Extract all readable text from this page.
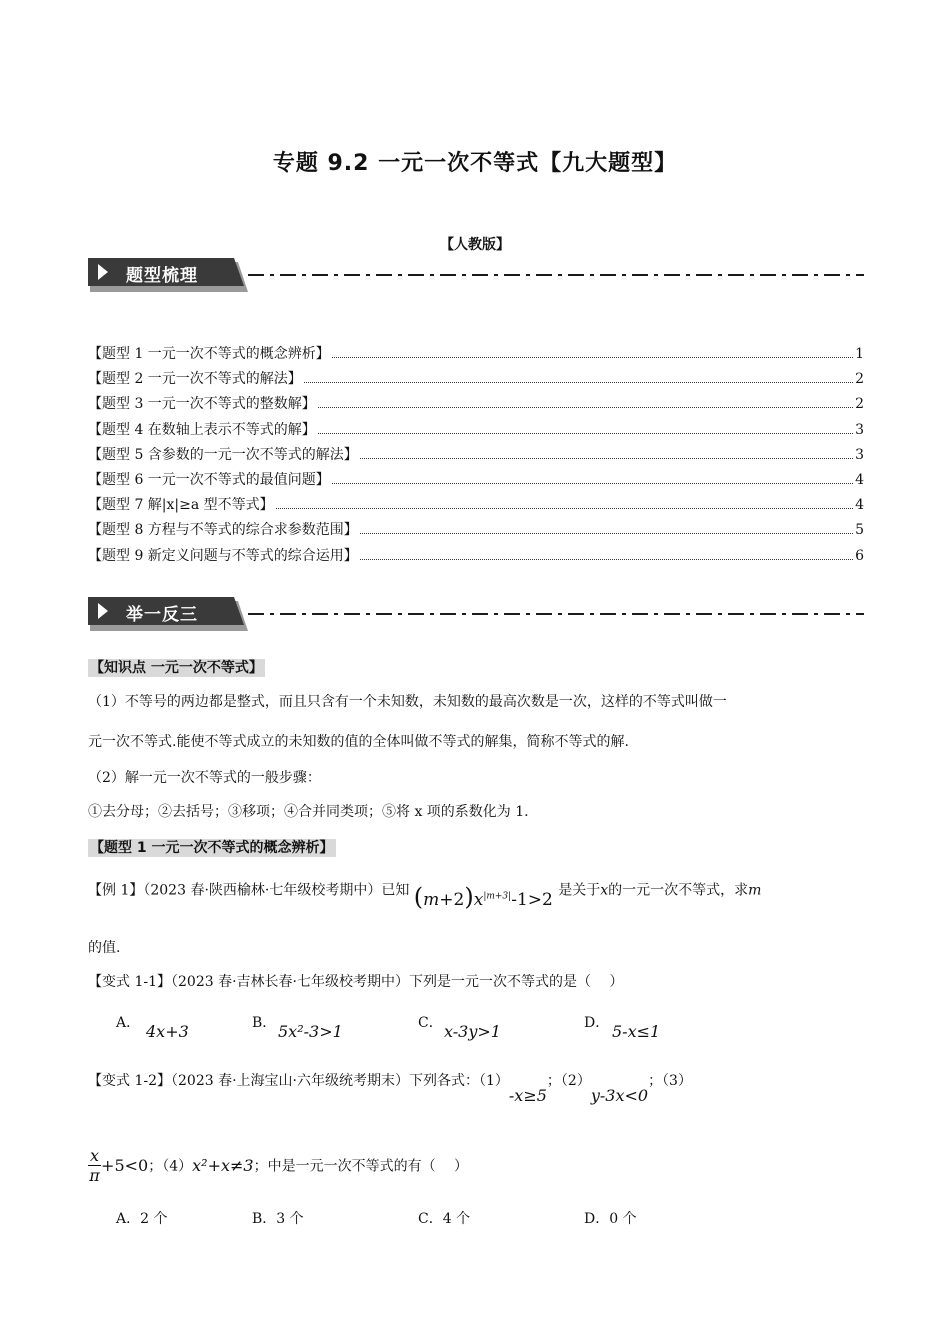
专题 9.2 一元一次不等式【九大题型】
【人教版】
题型梳理
【题型 1 一元一次不等式的概念辨析】	1
【题型 2 一元一次不等式的解法】	2
【题型 3 一元一次不等式的整数解】	2
【题型 4 在数轴上表示不等式的解】	3
【题型 5 含参数的一元一次不等式的解法】	3
【题型 6 一元一次不等式的最值问题】	4
【题型 7 解|x|≥a 型不等式】	4
【题型 8 方程与不等式的综合求参数范围】	5
【题型 9 新定义问题与不等式的综合运用】	6
举一反三
【知识点 一元一次不等式】
（1）不等号的两边都是整式，而且只含有一个未知数，未知数的最高次数是一次，这样的不等式叫做一
元一次不等式.能使不等式成立的未知数的值的全体叫做不等式的解集，简称不等式的解.
（2）解一元一次不等式的一般步骤：
①去分母；②去括号；③移项；④合并同类项；⑤将 x 项的系数化为 1.
【题型 1 一元一次不等式的概念辨析】
【例 1】（2023 春·陕西榆林·七年级校考期中）已知 $(m+2)x^{|m+3|}-1>2$ 是关于x的一元一次不等式，求m
的值.
【变式 1-1】（2023 春·吉林长春·七年级校考期中）下列是一元一次不等式的是（　 ）
A． 4x+3	B． 5x²-3>1	C． x-3y>1	D． 5-x≤1
【变式 1-2】（2023 春·上海宝山·六年级统考期末）下列各式：（1）-x≥5；（2）y-3x<0；（3）
$\frac{x}{\pi} +5<0$；（4）x²+x≠3；中是一元一次不等式的有（　 ）
A．2 个	B．3 个	C．4 个	D．0 个
